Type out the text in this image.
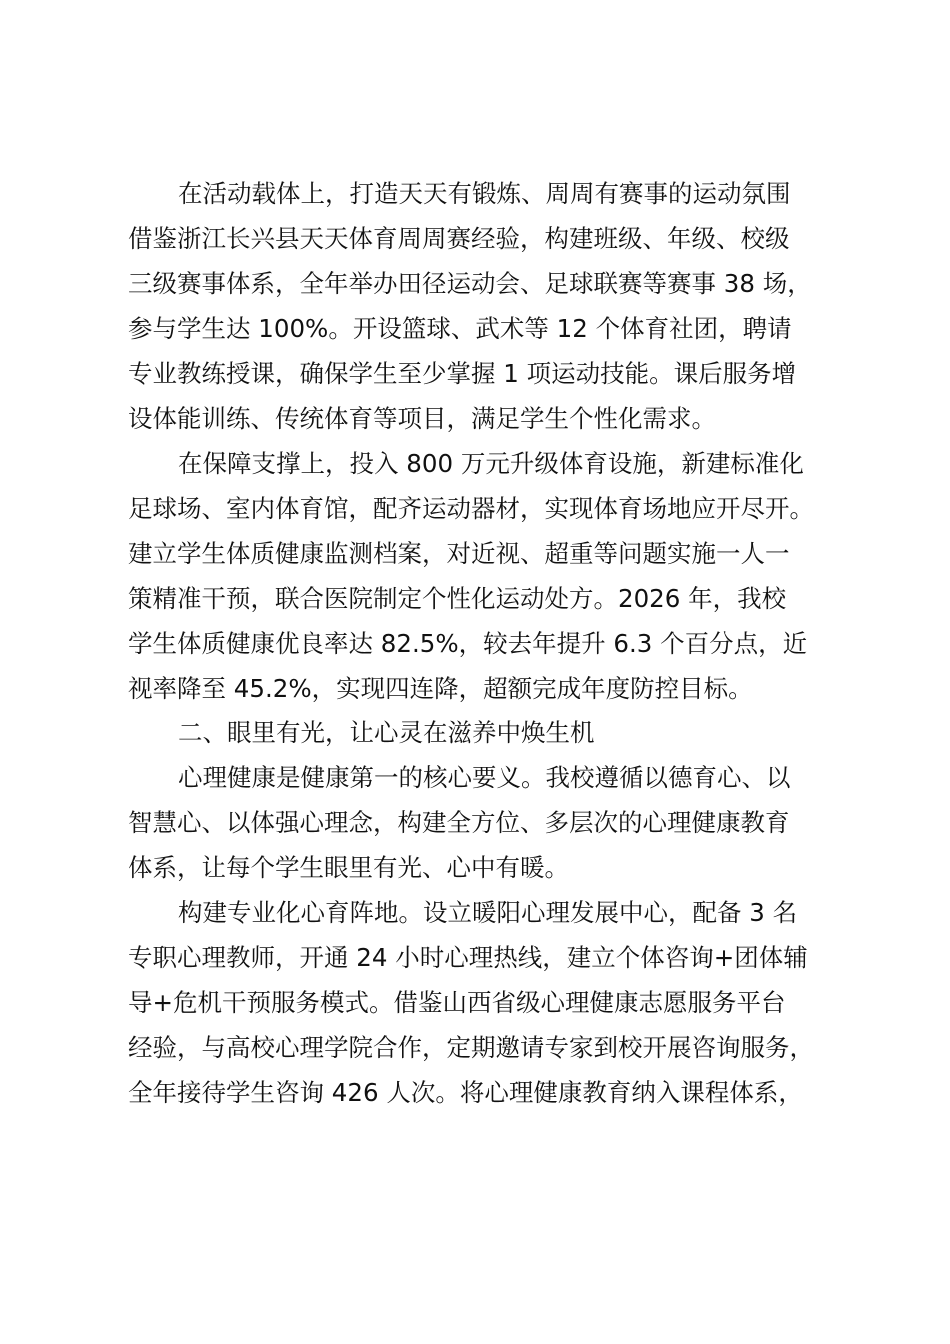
在活动载体上，打造天天有锻炼、周周有赛事的运动氛围
借鉴浙江长兴县天天体育周周赛经验，构建班级、年级、校级
三级赛事体系，全年举办田径运动会、足球联赛等赛事 38 场，
参与学生达 100%。开设篮球、武术等 12 个体育社团，聘请
专业教练授课，确保学生至少掌握 1 项运动技能。课后服务增
设体能训练、传统体育等项目，满足学生个性化需求。
在保障支撑上，投入 800 万元升级体育设施，新建标准化
足球场、室内体育馆，配齐运动器材，实现体育场地应开尽开。
建立学生体质健康监测档案，对近视、超重等问题实施一人一
策精准干预，联合医院制定个性化运动处方。2026 年，我校
学生体质健康优良率达 82.5%，较去年提升 6.3 个百分点，近
视率降至 45.2%，实现四连降，超额完成年度防控目标。
二、眼里有光，让心灵在滋养中焕生机
心理健康是健康第一的核心要义。我校遵循以德育心、以
智慧心、以体强心理念，构建全方位、多层次的心理健康教育
体系，让每个学生眼里有光、心中有暖。
构建专业化心育阵地。设立暖阳心理发展中心，配备 3 名
专职心理教师，开通 24 小时心理热线，建立个体咨询+团体辅
导+危机干预服务模式。借鉴山西省级心理健康志愿服务平台
经验，与高校心理学院合作，定期邀请专家到校开展咨询服务，
全年接待学生咨询 426 人次。将心理健康教育纳入课程体系，
